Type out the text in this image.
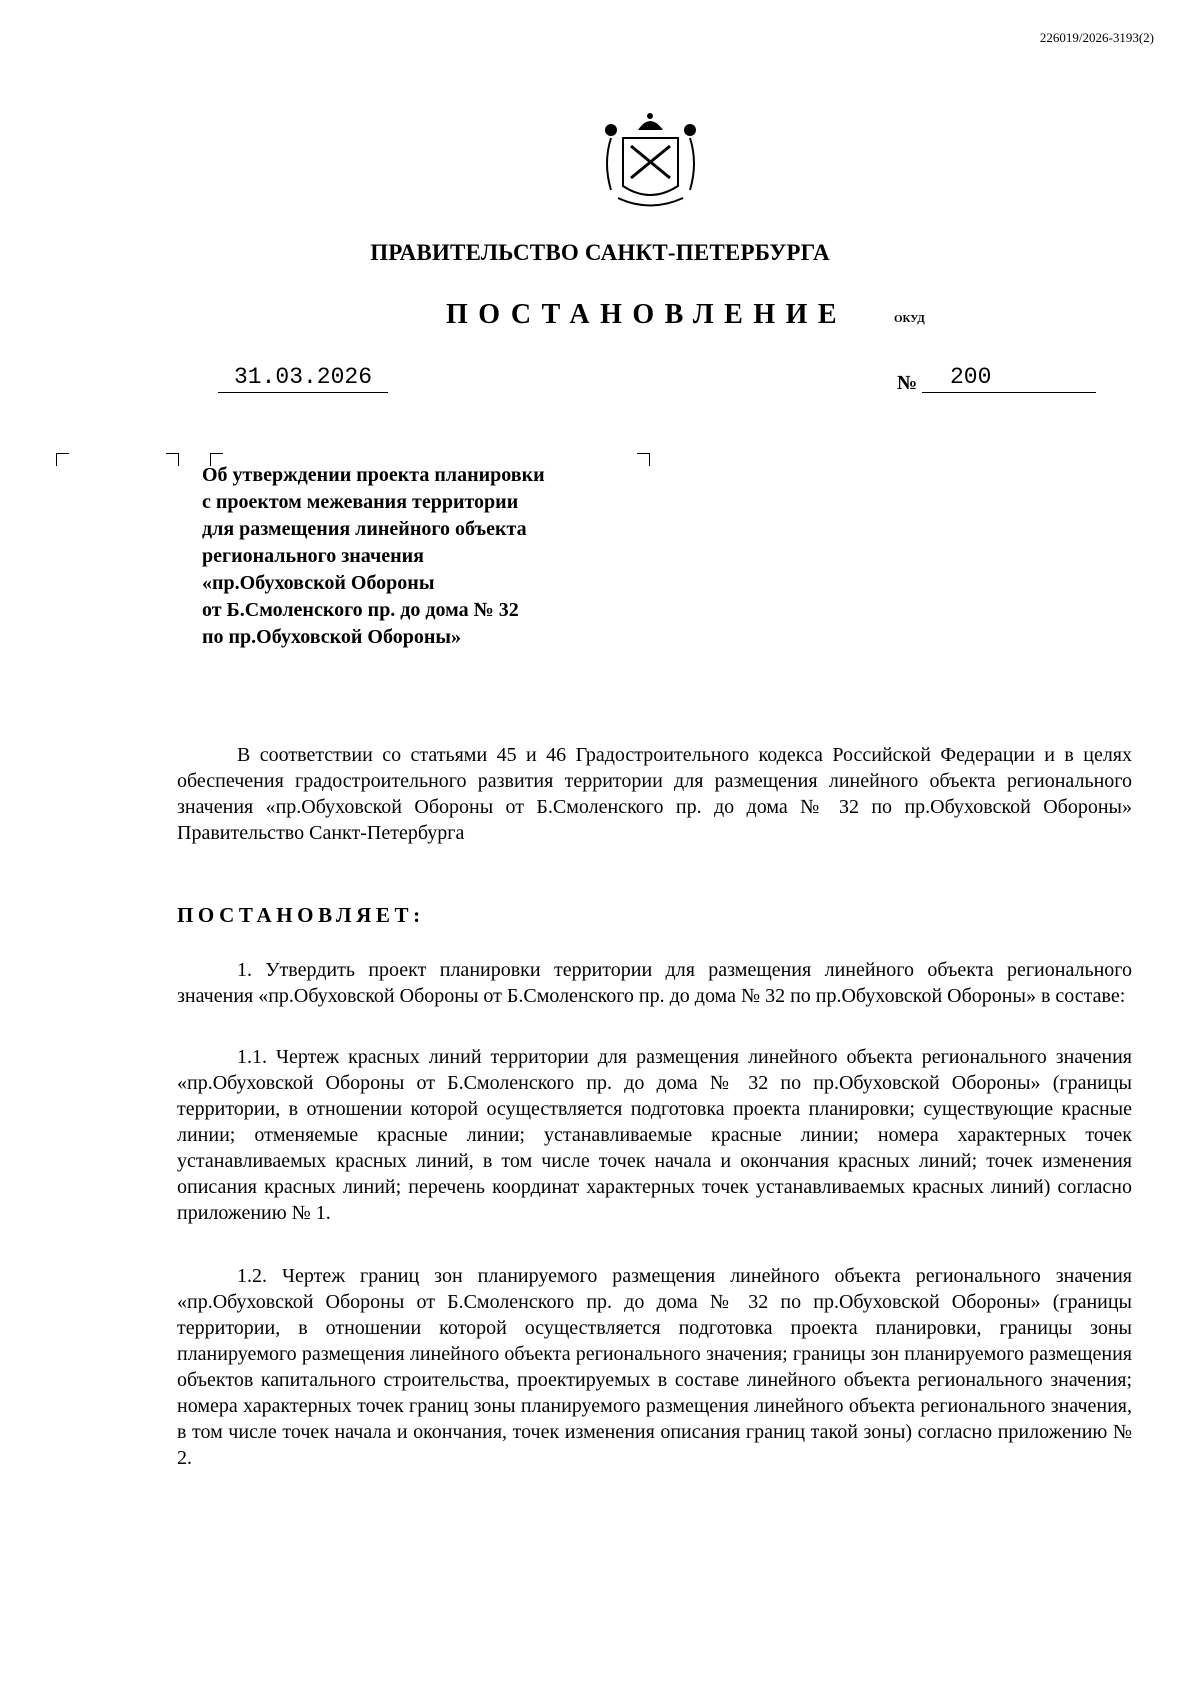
226019/2026-3193(2)
ПРАВИТЕЛЬСТВО САНКТ-ПЕТЕРБУРГА
ПОСТАНОВЛЕНИЕ	ОКУД
31.03.2026	№	200
Об утверждении проекта планировки
с проектом межевания территории
для размещения линейного объекта
регионального значения
«пр.Обуховской Обороны
от Б.Смоленского пр. до дома № 32
по пр.Обуховской Обороны»
В соответствии со статьями 45 и 46 Градостроительного кодекса Российской Федерации и в целях обеспечения градостроительного развития территории для размещения линейного объекта регионального значения «пр.Обуховской Обороны от Б.Смоленского пр. до дома № 32 по пр.Обуховской Обороны» Правительство Санкт-Петербурга
ПОСТАНОВЛЯЕТ:
1. Утвердить проект планировки территории для размещения линейного объекта регионального значения «пр.Обуховской Обороны от Б.Смоленского пр. до дома № 32 по пр.Обуховской Обороны» в составе:
1.1. Чертеж красных линий территории для размещения линейного объекта регионального значения «пр.Обуховской Обороны от Б.Смоленского пр. до дома № 32 по пр.Обуховской Обороны» (границы территории, в отношении которой осуществляется подготовка проекта планировки; существующие красные линии; отменяемые красные линии; устанавливаемые красные линии; номера характерных точек устанавливаемых красных линий, в том числе точек начала и окончания красных линий; точек изменения описания красных линий; перечень координат характерных точек устанавливаемых красных линий) согласно приложению № 1.
1.2. Чертеж границ зон планируемого размещения линейного объекта регионального значения «пр.Обуховской Обороны от Б.Смоленского пр. до дома № 32 по пр.Обуховской Обороны» (границы территории, в отношении которой осуществляется подготовка проекта планировки, границы зоны планируемого размещения линейного объекта регионального значения; границы зон планируемого размещения объектов капитального строительства, проектируемых в составе линейного объекта регионального значения; номера характерных точек границ зоны планируемого размещения линейного объекта регионального значения, в том числе точек начала и окончания, точек изменения описания границ такой зоны) согласно приложению № 2.
